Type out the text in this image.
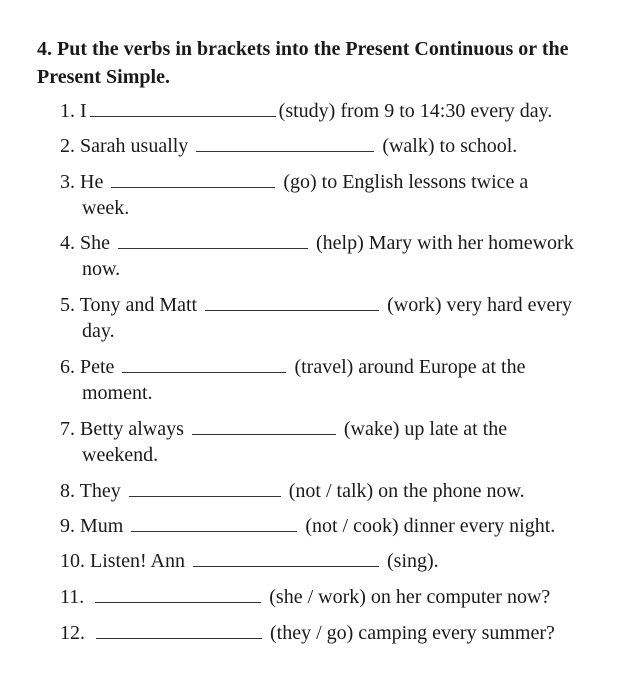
4. Put the verbs in brackets into the Present Continuous or the Present Simple.

1. I	(study) from 9 to 14:30 every day.
2. Sarah usually	(walk) to school.
3. He	(go) to English lessons twice a
week.
4. She	(help) Mary with her homework
now.
5. Tony and Matt	(work) very hard every
day.
6. Pete	(travel) around Europe at the
moment.
7. Betty always	(wake) up late at the
weekend.
8. They	(not / talk) on the phone now.
9. Mum	(not / cook) dinner every night.
10. Listen! Ann	(sing).
11.	(she / work) on her computer now?
12.	(they / go) camping every summer?
